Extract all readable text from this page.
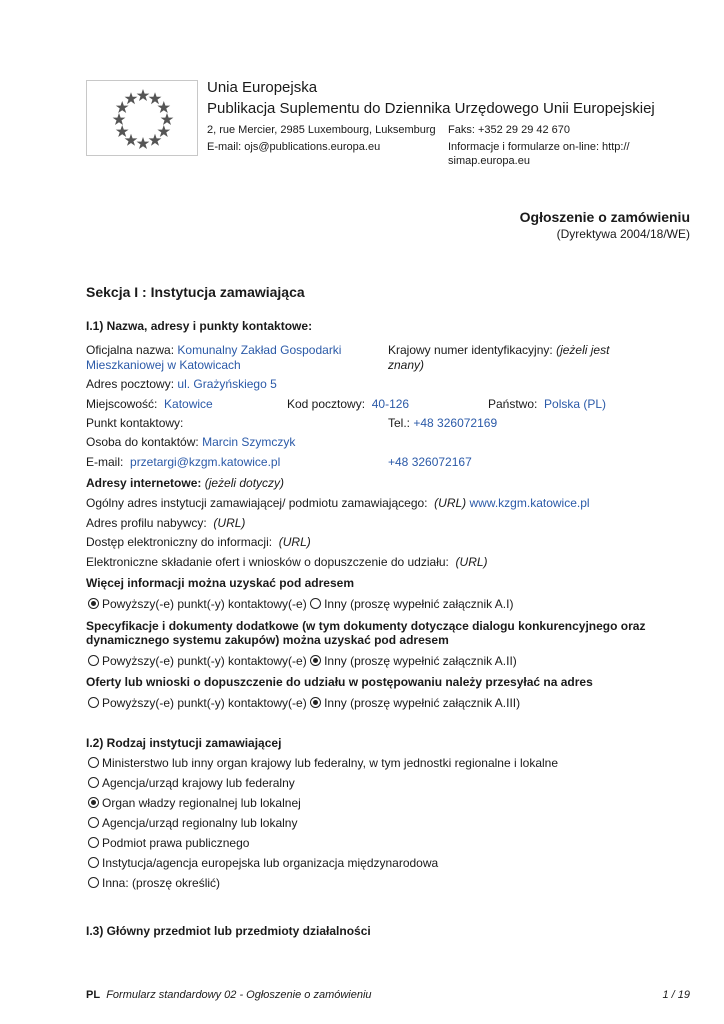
Unia Europejska
Publikacja Suplementu do Dziennika Urzędowego Unii Europejskiej
2, rue Mercier, 2985 Luxembourg, Luksemburg Faks: +352 29 29 42 670
E-mail: ojs@publications.europa.eu	Informacje i formularze on-line: http://
simap.europa.eu
Ogłoszenie o zamówieniu
(Dyrektywa 2004/18/WE)
Sekcja I : Instytucja zamawiająca
I.1) Nazwa, adresy i punkty kontaktowe:
Oficjalna nazwa: Komunalny Zakład Gospodarki
Mieszkaniowej w Katowicach
Krajowy numer identyfikacyjny: (jeżeli jest
znany)
Adres pocztowy: ul. Grażyńskiego 5
Miejscowość: Katowice	Kod pocztowy: 40-126	Państwo: Polska (PL)
Punkt kontaktowy:	Tel.: +48 326072169
Osoba do kontaktów: Marcin Szymczyk
E-mail: przetargi@kzgm.katowice.pl	+48 326072167
Adresy internetowe: (jeżeli dotyczy)
Ogólny adres instytucji zamawiającej/ podmiotu zamawiającego: (URL) www.kzgm.katowice.pl
Adres profilu nabywcy: (URL)
Dostęp elektroniczny do informacji: (URL)
Elektroniczne składanie ofert i wniosków o dopuszczenie do udziału: (URL)
Więcej informacji można uzyskać pod adresem
Powyższy(-e) punkt(-y) kontaktowy(-e) Inny (proszę wypełnić załącznik A.I)
Specyfikacje i dokumenty dodatkowe (w tym dokumenty dotyczące dialogu konkurencyjnego oraz
dynamicznego systemu zakupów) można uzyskać pod adresem
Powyższy(-e) punkt(-y) kontaktowy(-e) Inny (proszę wypełnić załącznik A.II)
Oferty lub wnioski o dopuszczenie do udziału w postępowaniu należy przesyłać na adres
Powyższy(-e) punkt(-y) kontaktowy(-e) Inny (proszę wypełnić załącznik A.III)
I.2) Rodzaj instytucji zamawiającej
Ministerstwo lub inny organ krajowy lub federalny, w tym jednostki regionalne i lokalne
Agencja/urząd krajowy lub federalny
Organ władzy regionalnej lub lokalnej
Agencja/urząd regionalny lub lokalny
Podmiot prawa publicznego
Instytucja/agencja europejska lub organizacja międzynarodowa
Inna: (proszę określić)
I.3) Główny przedmiot lub przedmioty działalności
PL Formularz standardowy 02 - Ogłoszenie o zamówieniu	1 / 19
